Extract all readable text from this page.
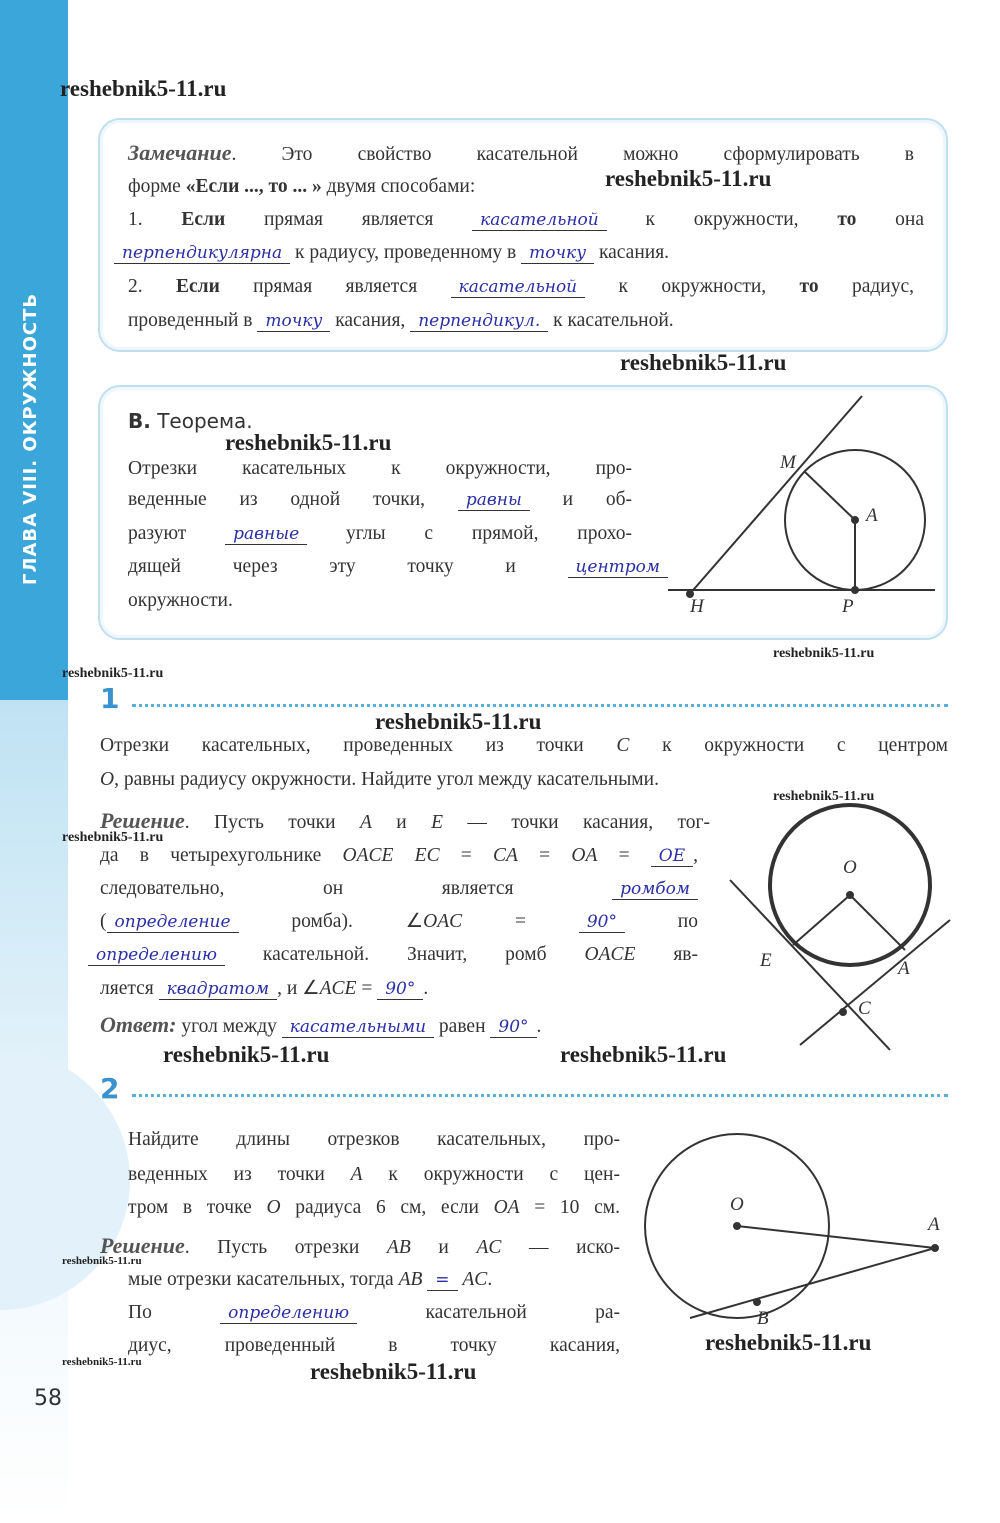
ГЛАВА VIII. ОКРУЖНОСТЬ
reshebnik5-11.ru
reshebnik5-11.ru
reshebnik5-11.ru
reshebnik5-11.ru
reshebnik5-11.ru
reshebnik5-11.ru
reshebnik5-11.ru
reshebnik5-11.ru
reshebnik5-11.ru
reshebnik5-11.ru	reshebnik5-11.ru
reshebnik5-11.ru
reshebnik5-11.ru
reshebnik5-11.ru
reshebnik5-11.ru
Замечание. Это свойство касательной можно сформулировать в
форме «Если ..., то ... » двумя способами:
1. Если прямая является касательной к окружности, то она
перпендикулярна к радиусу, проведенному в точку касания.
2. Если прямая является касательной к окружности, то радиус,
проведенный в точку касания, перпендикул. к касательной.
В. Теорема.
Отрезки касательных к окружности, про-
веденные из одной точки, равны и об-
разуют равные углы с прямой, прохо-
дящей через эту точку и центром
окружности.
M
A
H	P
1
Отрезки касательных, проведенных из точки C к окружности с центром
O, равны радиусу окружности. Найдите угол между касательными.
Решение. Пусть точки A и E — точки касания, тог-
да в четырехугольнике OACE EC = CA = OA = OE ,
следовательно, он является ромбом
( определение ромба). ∠OAC = 90° по
определению касательной. Значит, ромб OACE яв-
ляется квадратом , и ∠ACE = 90° .
Ответ: угол между касательными равен 90° .
O
E	A
C
2
Найдите длины отрезков касательных, про-
веденных из точки A к окружности с цен-
тром в точке O радиуса 6 см, если OA = 10 см.
Решение. Пусть отрезки AB и AC — иско-
мые отрезки касательных, тогда AB = AC.
По определению касательной ра-
диус, проведенный в точку касания,
O
A
B
58
